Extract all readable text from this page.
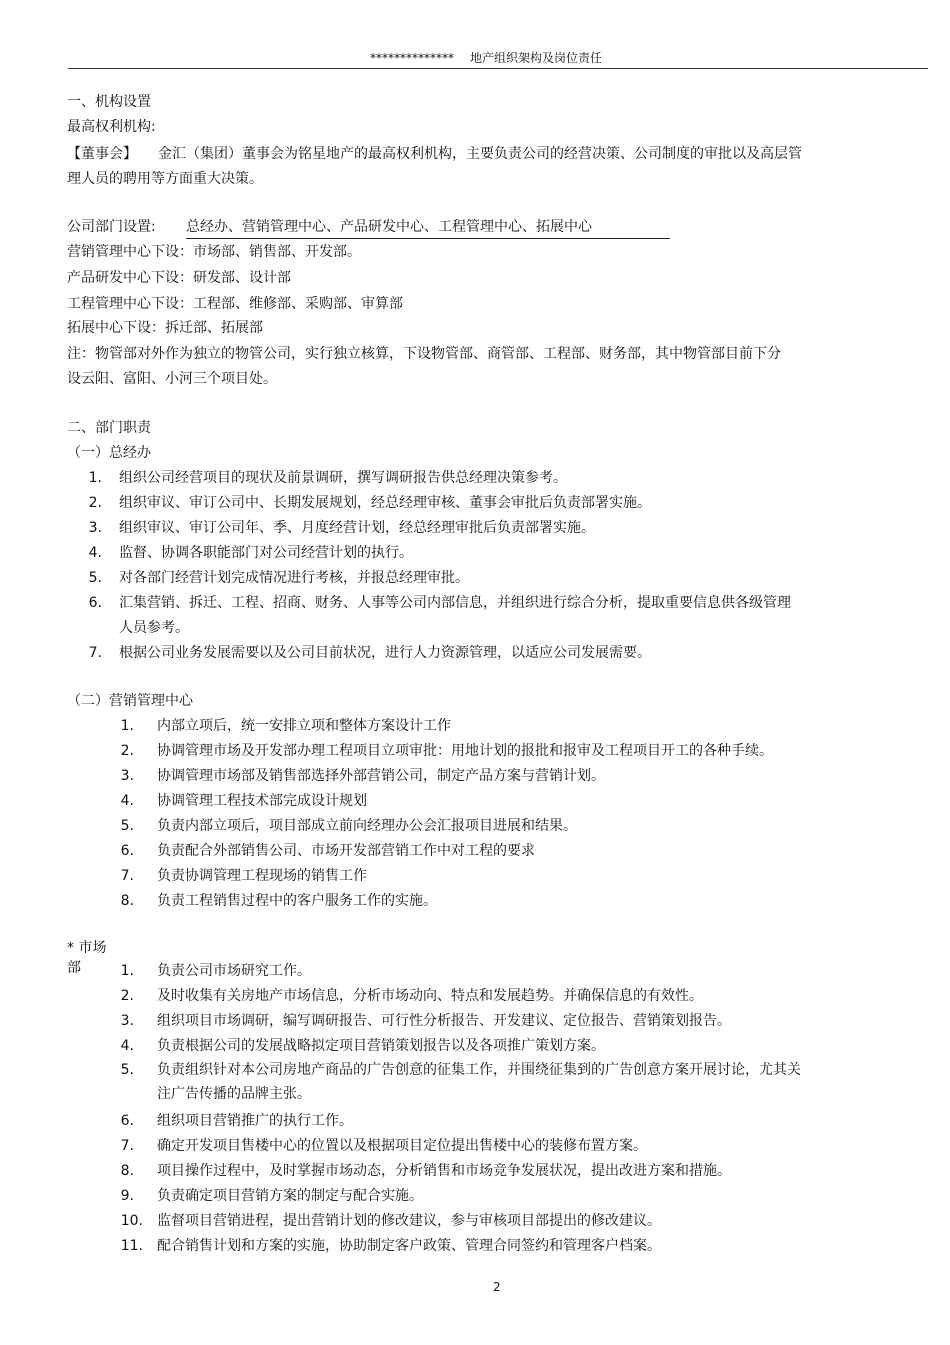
************** 地产组织架构及岗位责任
一、机构设置
最高权利机构:
【董事会】 金汇（集团）董事会为铭星地产的最高权利机构，主要负责公司的经营决策、公司制度的审批以及高层管
理人员的聘用等方面重大决策。
公司部门设置: 总经办、营销管理中心、产品研发中心、工程管理中心、拓展中心
营销管理中心下设：市场部、销售部、开发部。
产品研发中心下设：研发部、设计部
工程管理中心下设：工程部、维修部、采购部、审算部
拓展中心下设：拆迁部、拓展部
注：物管部对外作为独立的物管公司，实行独立核算，下设物管部、商管部、工程部、财务部，其中物管部目前下分
设云阳、富阳、小河三个项目处。
二、部门职责
（一）总经办
1. 组织公司经营项目的现状及前景调研，撰写调研报告供总经理决策参考。
2. 组织审议、审订公司中、长期发展规划，经总经理审核、董事会审批后负责部署实施。
3. 组织审议、审订公司年、季、月度经营计划，经总经理审批后负责部署实施。
4. 监督、协调各职能部门对公司经营计划的执行。
5. 对各部门经营计划完成情况进行考核，并报总经理审批。
6. 汇集营销、拆迁、工程、招商、财务、人事等公司内部信息，并组织进行综合分析，提取重要信息供各级管理
人员参考。
7. 根据公司业务发展需要以及公司目前状况，进行人力资源管理，以适应公司发展需要。
（二）营销管理中心
1. 内部立项后，统一安排立项和整体方案设计工作
2. 协调管理市场及开发部办理工程项目立项审批：用地计划的报批和报审及工程项目开工的各种手续。
3. 协调管理市场部及销售部选择外部营销公司，制定产品方案与营销计划。
4. 协调管理工程技术部完成设计规划
5. 负责内部立项后，项目部成立前向经理办公会汇报项目进展和结果。
6. 负责配合外部销售公司、市场开发部营销工作中对工程的要求
7. 负责协调管理工程现场的销售工作
8. 负责工程销售过程中的客户服务工作的实施。
* 市场
部	1. 负责公司市场研究工作。
2. 及时收集有关房地产市场信息，分析市场动向、特点和发展趋势。并确保信息的有效性。
3. 组织项目市场调研，编写调研报告、可行性分析报告、开发建议、定位报告、营销策划报告。
4. 负责根据公司的发展战略拟定项目营销策划报告以及各项推广策划方案。
5. 负责组织针对本公司房地产商品的广告创意的征集工作，并围绕征集到的广告创意方案开展讨论，尤其关
注广告传播的品牌主张。
6. 组织项目营销推广的执行工作。
7. 确定开发项目售楼中心的位置以及根据项目定位提出售楼中心的装修布置方案。
8. 项目操作过程中，及时掌握市场动态，分析销售和市场竞争发展状况，提出改进方案和措施。
9. 负责确定项目营销方案的制定与配合实施。
10. 监督项目营销进程，提出营销计划的修改建议，参与审核项目部提出的修改建议。
11. 配合销售计划和方案的实施，协助制定客户政策、管理合同签约和管理客户档案。
2
